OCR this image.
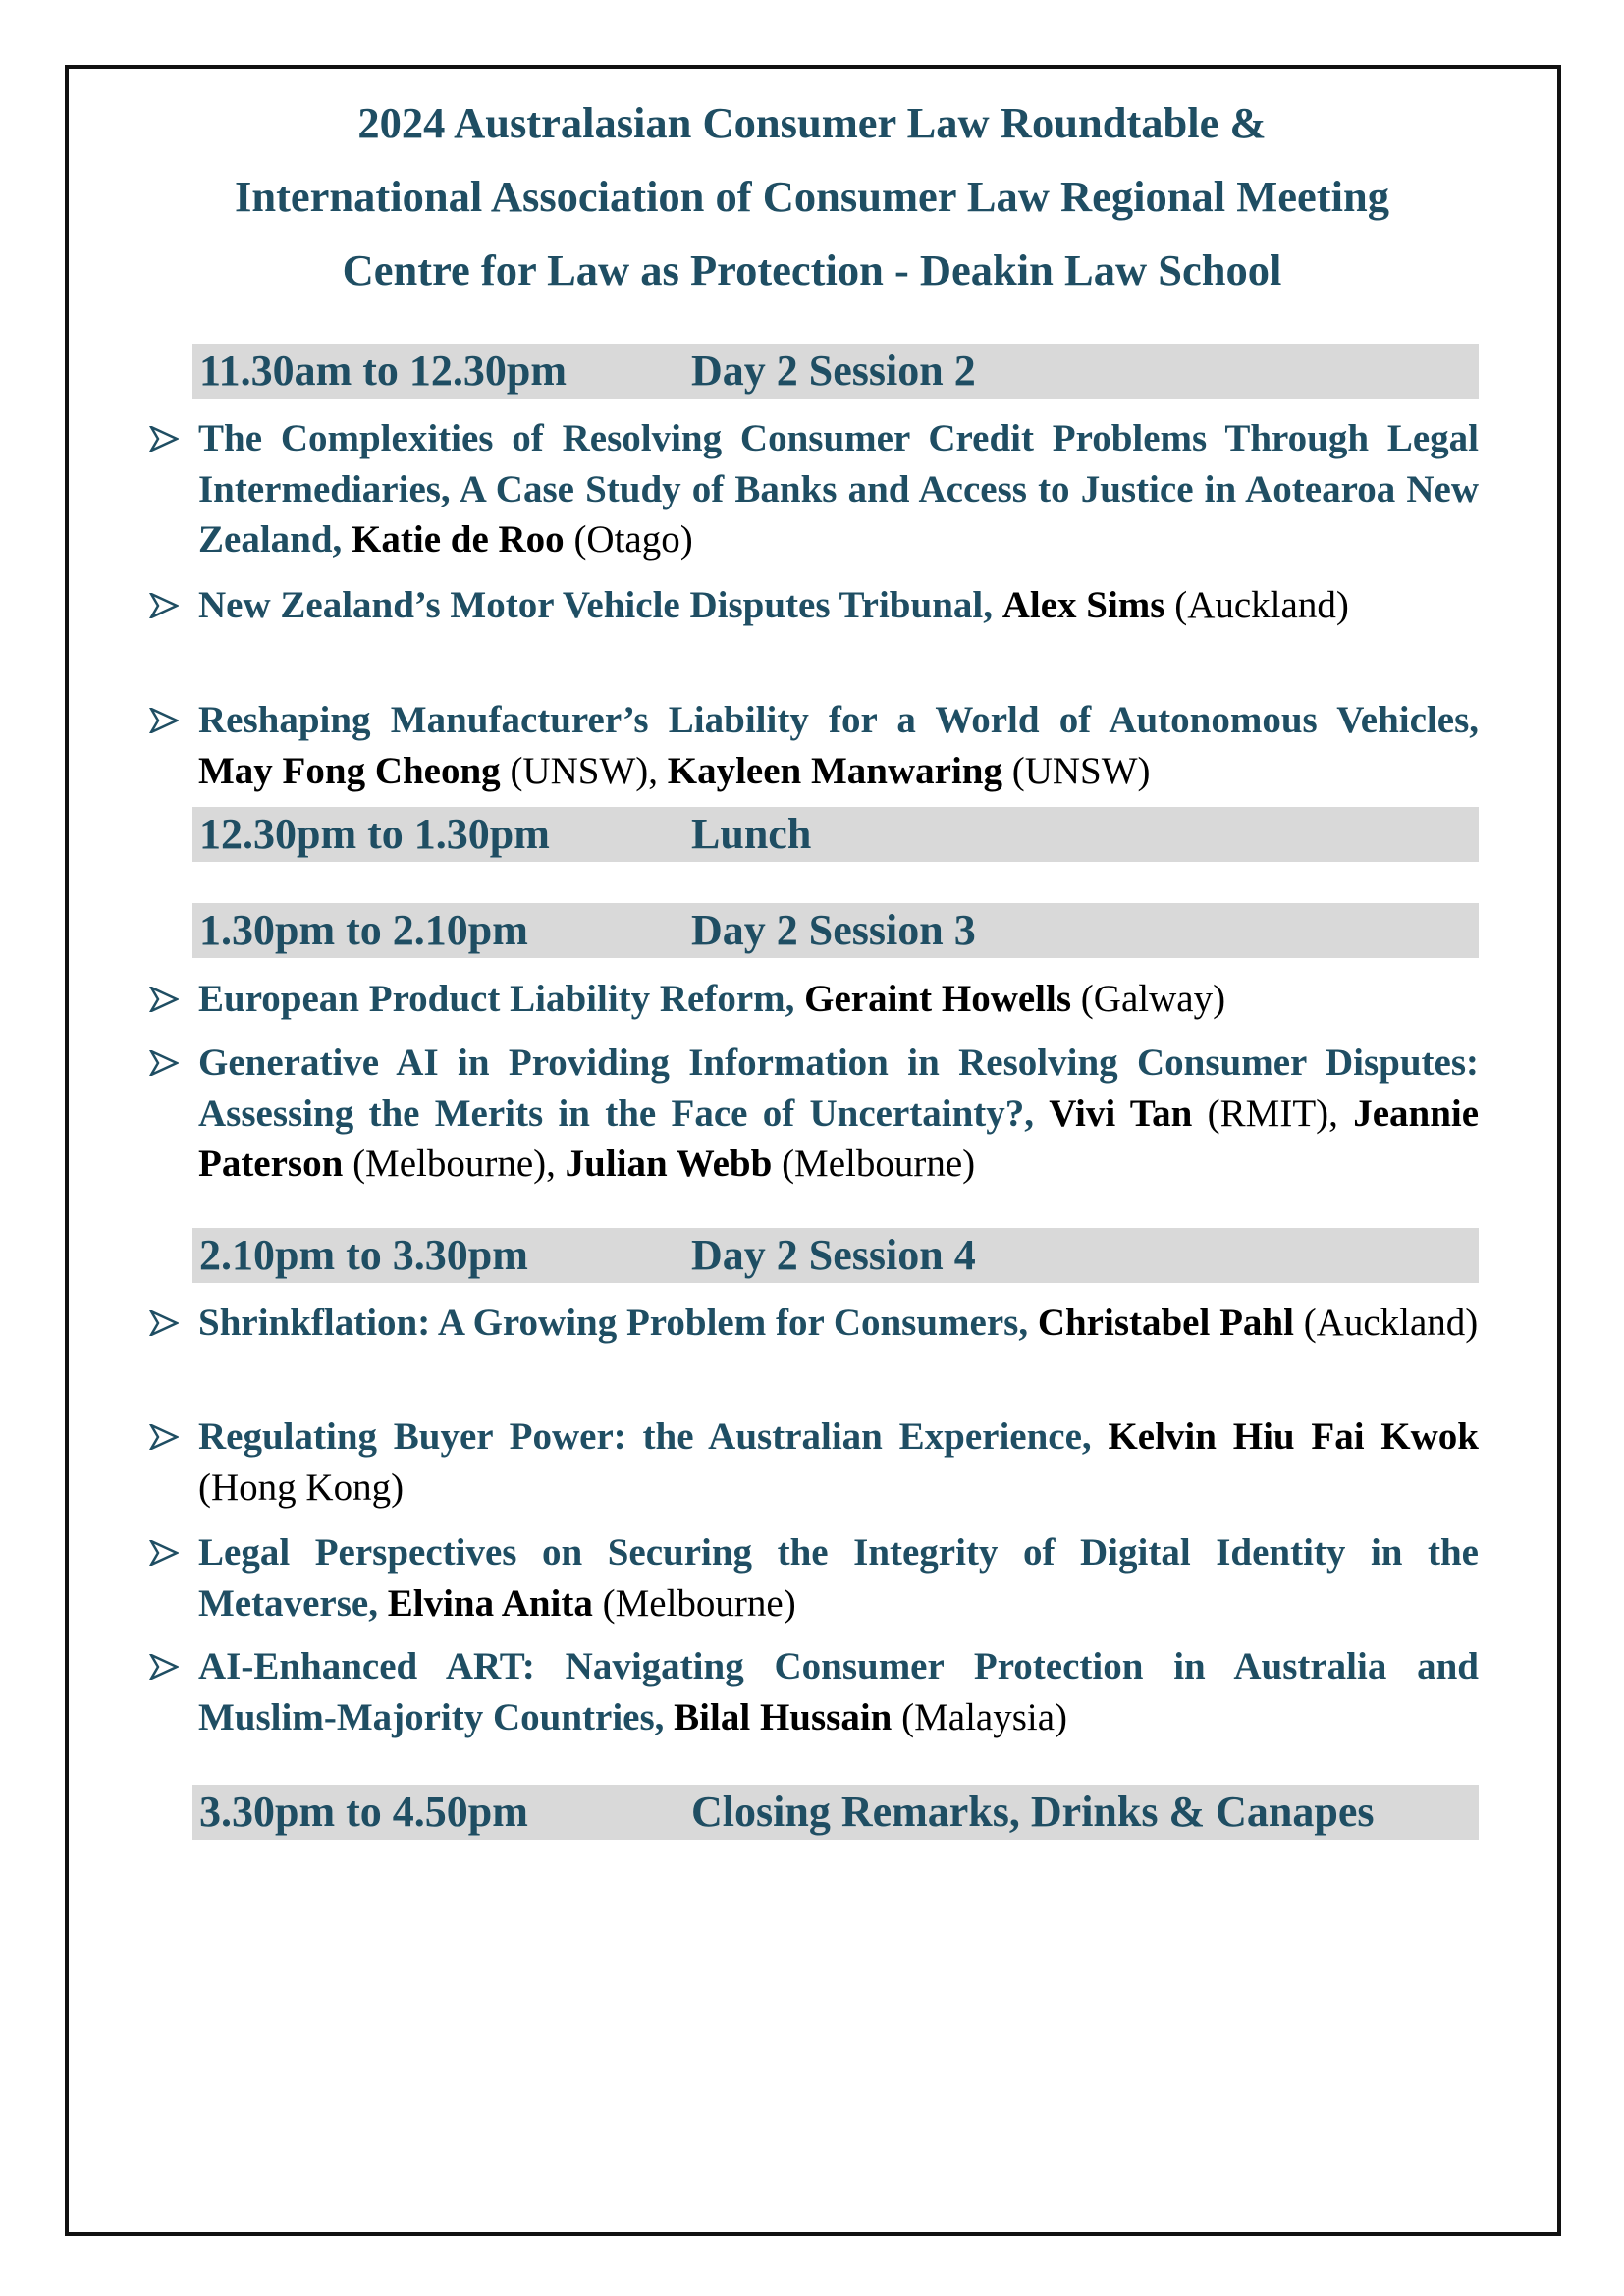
2024 Australasian Consumer Law Roundtable &
International Association of Consumer Law Regional Meeting
Centre for Law as Protection - Deakin Law School
11.30am to 12.30pm	Day 2 Session 2
The Complexities of Resolving Consumer Credit Problems Through Legal Intermediaries, A Case Study of Banks and Access to Justice in Aotearoa New Zealand, Katie de Roo (Otago)
New Zealand’s Motor Vehicle Disputes Tribunal, Alex Sims (Auckland)
Reshaping Manufacturer’s Liability for a World of Autonomous Vehicles, May Fong Cheong (UNSW), Kayleen Manwaring (UNSW)
12.30pm to 1.30pm	Lunch
1.30pm to 2.10pm	Day 2 Session 3
European Product Liability Reform, Geraint Howells (Galway)
Generative AI in Providing Information in Resolving Consumer Disputes: Assessing the Merits in the Face of Uncertainty?, Vivi Tan (RMIT), Jeannie Paterson (Melbourne), Julian Webb (Melbourne)
2.10pm to 3.30pm	Day 2 Session 4
Shrinkflation: A Growing Problem for Consumers, Christabel Pahl (Auckland)
Regulating Buyer Power: the Australian Experience, Kelvin Hiu Fai Kwok (Hong Kong)
Legal Perspectives on Securing the Integrity of Digital Identity in the Metaverse, Elvina Anita (Melbourne)
AI-Enhanced ART: Navigating Consumer Protection in Australia and Muslim-Majority Countries, Bilal Hussain (Malaysia)
3.30pm to 4.50pm	Closing Remarks, Drinks & Canapes
